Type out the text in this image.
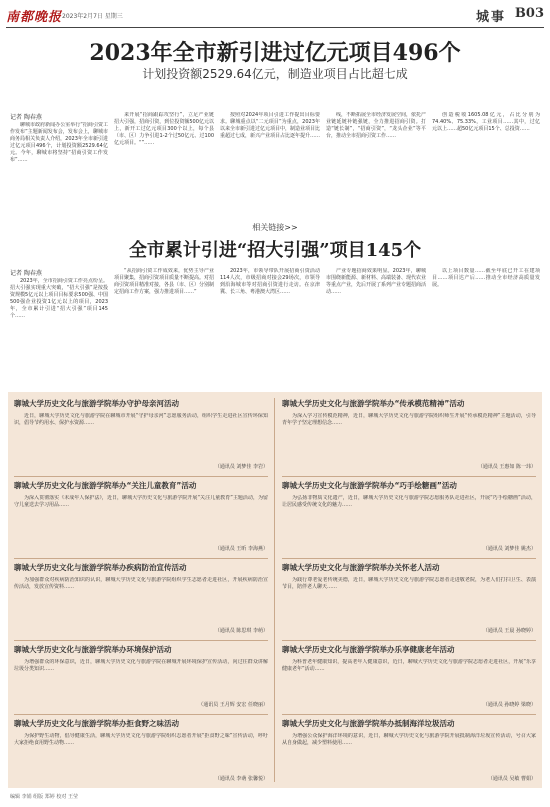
南都晚报 2023年2月7日 星期三	城事 B03
2023年全市新引进过亿元项目496个
计划投资额2529.64亿元，制造业项目占比超七成
记者 陶春燕
聊城市政府新闻办公室举行“招商引资工作发布”主题新闻发布会，发布会上，聊城市商务局相关负责人介绍，2023年全市新引进过亿元项目496个，计划投资额2529.64亿元。今年，聊城市将坚持“招商引资工作发布”……
来开展“招商跟踪攻坚行”，立足产业链招大引强，招商引资，到位投资额500亿元以上，新开工过亿元项目300个以上，每个县（市、区）力争引进1-2个过50亿元、过100亿元项目。“”……
按照对2024年项目引进工作提出目标要求。聊城重点以“二元项目”为重点，2023年以来全市新引进过亿元项目中，制造业项目比重超过七成，新兴产业项目占比逐年提升……
线，不断拓展全市经济发展空间，依托产业链延链补链强链，全力推进招商引资。打造“链长制”，“招商引资”，“龙头企业”等平台，推动全市招商引资工作……
创造税收1605.08亿元，占比分别为74.40%、75.33%，工业项目……其中，过亿元以上……超50亿元项目15个、总投资……
相关链接>>
全市累计引进“招大引强”项目145个
记者 陶春燕
2023年，全市招商引资工作亮点纷呈。招大引强实现重大突破，“招大引强”是按投资规模5亿元以上项目目标要求500强、中国500强企业投资1亿元以上的项目，2023年，全市累计引进“招大引强”项目145个……
“从招商引资工作成效来，优势主导产业项目聚集，招商引资项目质量不断提高。对招商引资项目精准对接，各县（市、区）分别制定招商工作方案，强力推进项目……”
2023年，市领导带队开展招商引资活动114人次，市级招商对接会29场次，市领导到沿海城市等对招商引资进行走访。在京津冀、长三角、粤港澳大湾区……
产业专题招商效果明显。2023年，聊城市围绕新能源、新材料、高端装备、现代农业等重点产业，先后开展了系列产业专题招商活动……
以上项目数量……截至年底已开工在建项目……项目达产后……推动全市经济高质量发展。
聊城大学历史文化与旅游学院举办守护母亲河活动
近日，聊城大学历史文化与旅游学院在聊城市开展“守护母亲河”志愿服务活动，组织学生走进社区宣传环保知识，倡导节约用水、保护水资源……
（通讯员 刘梦佳 李岩）
聊城大学历史文化与旅游学院举办“关注儿童教育”活动
为深入贯彻落实《未成年人保护法》，近日，聊城大学历史文化与旅游学院开展“关注儿童教育”主题活动，为留守儿童送去学习用品……
（通讯员 王昕 李海燕）
聊城大学历史文化与旅游学院举办疾病防治宣传活动
为加强群众对疾病防治知识的认识，聊城大学历史文化与旅游学院组织学生志愿者走进社区，开展疾病防治宣传活动，发放宣传资料……
（通讯员 陈思琪 李萌）
聊城大学历史文化与旅游学院举办环境保护活动
为增强群众的环保意识，近日，聊城大学历史文化与旅游学院在聊城开展环境保护宣传活动，向过往群众讲解垃圾分类知识……
（通讯员 王月辉 安宏 任晓丽）
聊城大学历史文化与旅游学院举办拒食野之味活动
为保护野生动物，倡导健康生活，聊城大学历史文化与旅游学院组织志愿者开展“拒食野之味”宣传活动，呼吁大家拒绝食用野生动物……
（通讯员 李萌 张馨悦）
聊城大学历史文化与旅游学院举办“传承模范精神”活动
为深入学习宣传模范精神，近日，聊城大学历史文化与旅游学院组织师生开展“传承模范精神”主题活动，引导青年学子坚定理想信念……
（通讯员 王惠如 陈一玮）
聊城大学历史文化与旅游学院举办“巧手绘糖画”活动
为弘扬非物质文化遗产，近日，聊城大学历史文化与旅游学院志愿服务队走进社区，开展“巧手绘糖画”活动，让居民感受传统文化的魅力……
（通讯员 刘梦佳 姚杰）
聊城大学历史文化与旅游学院举办关怀老人活动
为践行尊老爱老传统美德，近日，聊城大学历史文化与旅游学院志愿者走进敬老院，为老人们打扫卫生、表演节目，陪伴老人聊天……
（通讯员 王晨 孙晓婷）
聊城大学历史文化与旅游学院举办乐享健康老年活动
为科普老年健康知识，提高老年人健康意识，近日，聊城大学历史文化与旅游学院志愿者走进社区，开展“乐享健康老年”活动……
（通讯员 孙晓婷 梁晓）
聊城大学历史文化与旅游学院举办抵制海洋垃圾活动
为增强公众保护海洋环境的意识，近日，聊城大学历史文化与旅游学院开展抵制海洋垃圾宣传活动，号召大家从自身做起，减少塑料使用……
（通讯员 吴敏 曹娟）
编辑 李娟 组版 郑婷 校对 王莹
